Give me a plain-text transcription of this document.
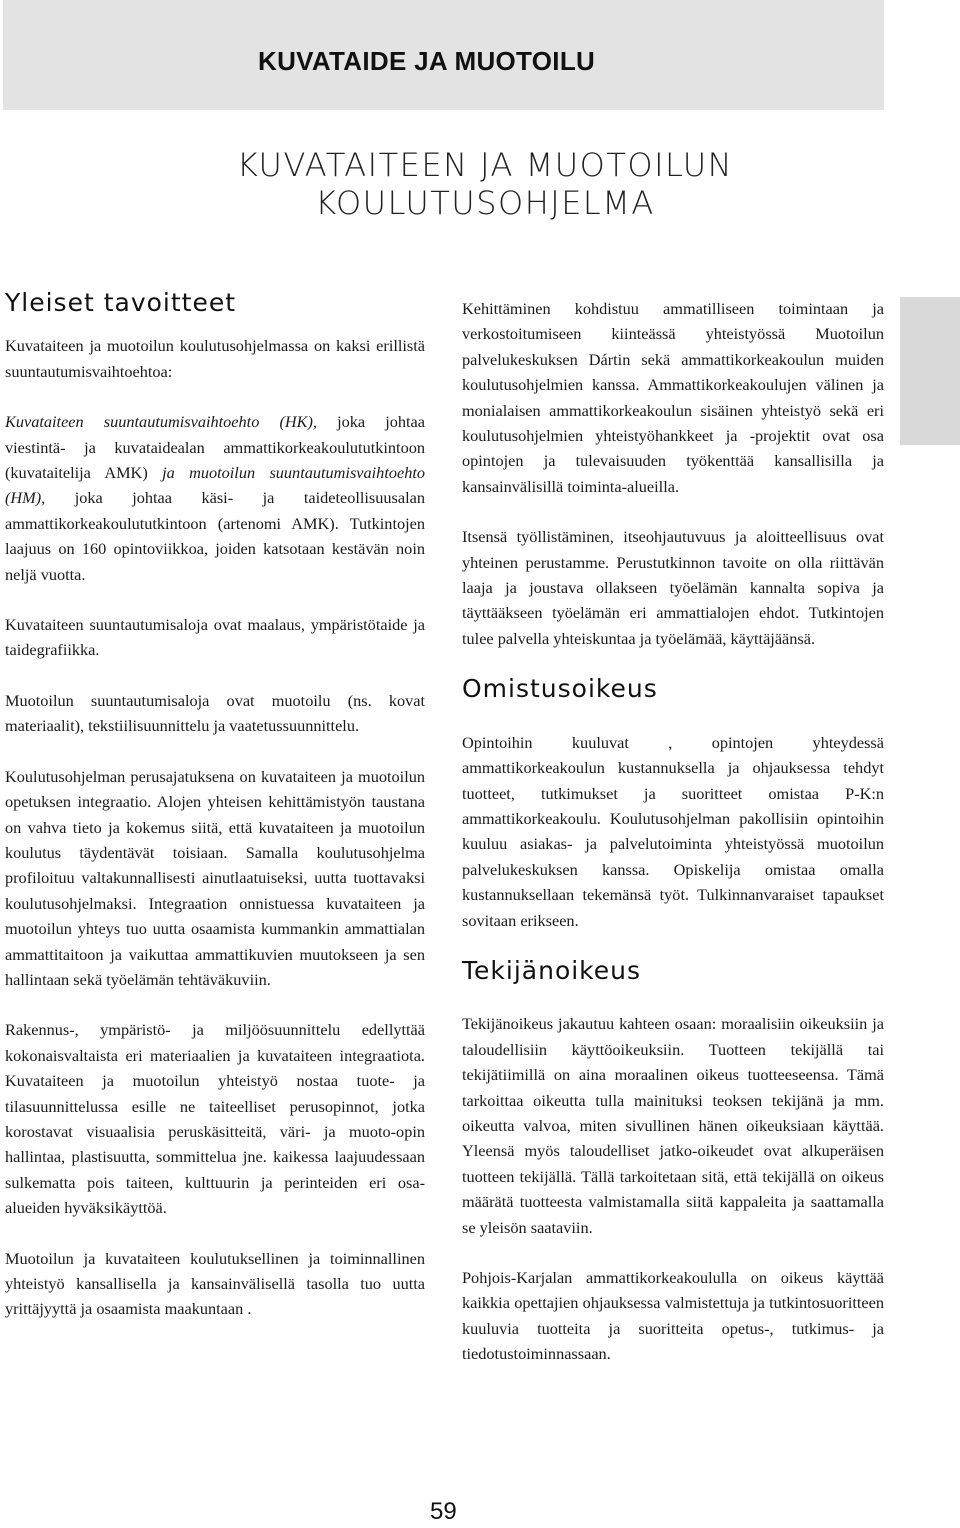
KUVATAIDE JA MUOTOILU
KUVATAITEEN JA MUOTOILUN KOULUTUSOHJELMA
Yleiset tavoitteet

Kuvataiteen ja muotoilun koulutusohjelmassa on kaksi erillistä suuntautumisvaihtoehtoa:

Kuvataiteen suuntautumisvaihtoehto (HK), joka johtaa viestintä- ja kuvataidealan ammattikorkeakoulututkintoon (kuvataitelija AMK) ja muotoilun suuntautumisvaihtoehto (HM), joka johtaa käsi- ja taideteollisuusalan ammattikorkeakoulututkintoon (artenomi AMK). Tutkintojen laajuus on 160 opintoviikkoa, joiden katsotaan kestävän noin neljä vuotta.

Kuvataiteen suuntautumisaloja ovat maalaus, ympäristötaide ja taidegrafiikka.

Muotoilun suuntautumisaloja ovat muotoilu (ns. kovat materiaalit), tekstiilisuunnittelu ja vaatetussuunnittelu.

Koulutusohjelman perusajatuksena on kuvataiteen ja muotoilun opetuksen integraatio. Alojen yhteisen kehittämistyön taustana on vahva tieto ja kokemus siitä, että kuvataiteen ja muotoilun koulutus täydentävät toisiaan. Samalla koulutusohjelma profiloituu valtakunnallisesti ainutlaatuiseksi, uutta tuottavaksi koulutusohjelmaksi. Integraation onnistuessa kuvataiteen ja muotoilun yhteys tuo uutta osaamista kummankin ammattialan ammattitaitoon ja vaikuttaa ammattikuvien muutokseen ja sen hallintaan sekä työelämän tehtäväkuviin.

Rakennus-, ympäristö- ja miljöösuunnittelu edellyttää kokonaisvaltaista eri materiaalien ja kuvataiteen integraatiota. Kuvataiteen ja muotoilun yhteistyö nostaa tuote- ja tilasuunnittelussa esille ne taiteelliset perusopinnot, jotka korostavat visuaalisia peruskäsitteitä, väri- ja muoto-opin hallintaa, plastisuutta, sommittelua jne. kaikessa laajuudessaan sulkematta pois taiteen, kulttuurin ja perinteiden eri osa-alueiden hyväksikäyttöä.

Muotoilun ja kuvataiteen koulutuksellinen ja toiminnallinen yhteistyö kansallisella ja kansainvälisellä tasolla tuo uutta yrittäjyyttä ja osaamista maakuntaan .

Kehittäminen kohdistuu ammatilliseen toimintaan ja verkostoitumiseen kiinteässä yhteistyössä Muotoilun palvelukeskuksen Dártin sekä ammattikorkeakoulun muiden koulutusohjelmien kanssa. Ammattikorkeakoulujen välinen ja monialaisen ammattikorkeakoulun sisäinen yhteistyö sekä eri koulutusohjelmien yhteistyöhankkeet ja -projektit ovat osa opintojen ja tulevaisuuden työkenttää kansallisilla ja kansainvälisillä toiminta-alueilla.

Itsensä työllistäminen, itseohjautuvuus ja aloitteellisuus ovat yhteinen perustamme. Perustutkinnon tavoite on olla riittävän laaja ja joustava ollakseen työelämän kannalta sopiva ja täyttääkseen työelämän eri ammattialojen ehdot. Tutkintojen tulee palvella yhteiskuntaa ja työelämää, käyttäjäänsä.

Omistusoikeus

Opintoihin kuuluvat , opintojen yhteydessä ammattikorkeakoulun kustannuksella ja ohjauksessa tehdyt tuotteet, tutkimukset ja suoritteet omistaa P-K:n ammattikorkeakoulu. Koulutusohjelman pakollisiin opintoihin kuuluu asiakas- ja palvelutoiminta yhteistyössä muotoilun palvelukeskuksen kanssa. Opiskelija omistaa omalla kustannuksellaan tekemänsä työt. Tulkinnanvaraiset tapaukset sovitaan erikseen.

Tekijänoikeus

Tekijänoikeus jakautuu kahteen osaan: moraalisiin oikeuksiin ja taloudellisiin käyttöoikeuksiin. Tuotteen tekijällä tai tekijätiimillä on aina moraalinen oikeus tuotteeseensa. Tämä tarkoittaa oikeutta tulla mainituksi teoksen tekijänä ja mm. oikeutta valvoa, miten sivullinen hänen oikeuksiaan käyttää. Yleensä myös taloudelliset jatko-oikeudet ovat alkuperäisen tuotteen tekijällä. Tällä tarkoitetaan sitä, että tekijällä on oikeus määrätä tuotteesta valmistamalla siitä kappaleita ja saattamalla se yleisön saataviin.

Pohjois-Karjalan ammattikorkeakoululla on oikeus käyttää kaikkia opettajien ohjauksessa valmistettuja ja tutkintosuoritteen kuuluvia tuotteita ja suoritteita opetus-, tutkimus- ja tiedotustoiminnassaan.

59
